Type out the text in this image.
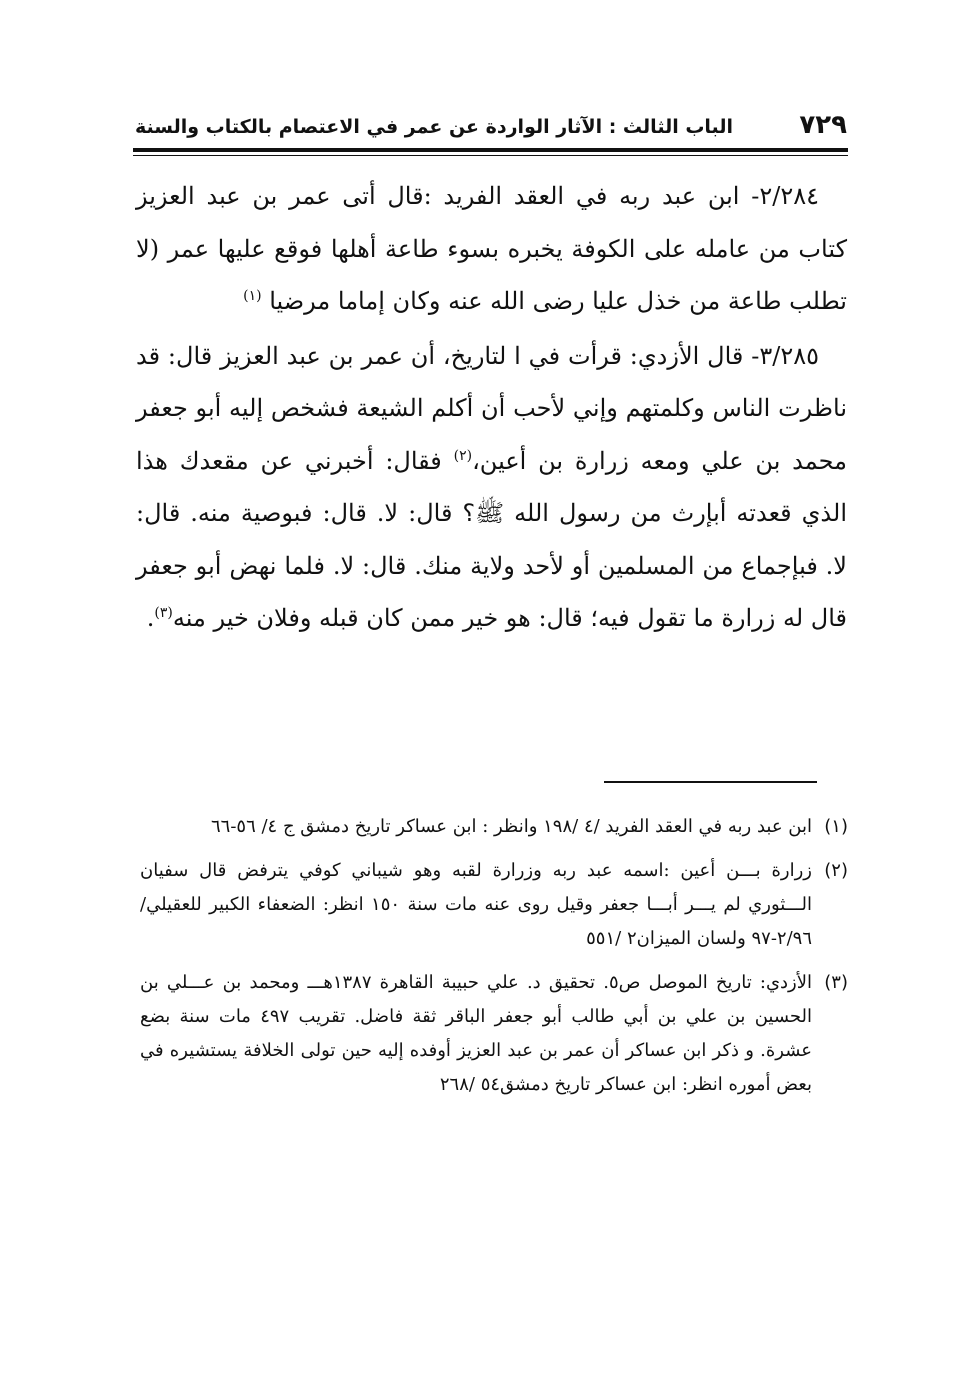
٧٢٩
الباب الثالث : الآثار الواردة عن عمر في الاعتصام بالكتاب والسنة

٢/٢٨٤- ابن عبد ربه في العقد الفريد :قال أتى عمر بن عبد العزيز كتاب من عامله على الكوفة يخبره بسوء طاعة أهلها فوقع عليها عمر (لا تطلب طاعة من خذل عليا رضى الله عنه وكان إماما مرضيا $^{(١)}$

٣/٢٨٥- قال الأزدي: قرأت في ا لتاريخ، أن عمر بن عبد العزيز قال: قد ناظرت الناس وكلمتهم وإني لأحب أن أكلم الشيعة فشخص إليه أبو جعفر محمد بن علي ومعه زرارة بن أعين،$^{(٢)}$ فقال: أخبرني عن مقعدك هذا الذي قعدته أبإرث من رسول الله ﷺ؟ قال: لا. قال: فبوصية منه. قال: لا. فبإجماع من المسلمين أو لأحد ولاية منك. قال: لا. فلما نهض أبو جعفر قال له زرارة ما تقول فيه؛ قال: هو خير ممن كان قبله وفلان خير منه$^{(٣)}$.

(١)
ابن عبد ربه في العقد الفريد /٤ /١٩٨ وانظر : ابن عساكر تاريخ دمشق ج ٤/ ٥٦-٦٦
(٢)
زرارة بـــن أعين :اسمه عبد ربه وزرارة لقبه وهو شيباني كوفي يترفض قال سفيان الـــثوري لم يـــر أبـــا جعفر وقيل روى عنه مات سنة ١٥٠ انظر: الضعفاء الكبير للعقيلي/٢/٩٦-٩٧ ولسان الميزان٢ /٥٥١
(٣)
الأزدي: تاريخ الموصل ص٥. تحقيق د. علي حبيبة القاهرة ١٣٨٧هـــ ومحمد بن عـــلي بن الحسين بن علي بن أبي طالب أبو جعفر الباقر ثقة فاضل. تقريب ٤٩٧ مات سنة بضع عشرة. و ذكر ابن عساكر أن عمر بن عبد العزيز أوفده إليه حين تولى الخلافة يستشيره في بعض أموره انظر: ابن عساكر تاريخ دمشق٥٤ /٢٦٨
